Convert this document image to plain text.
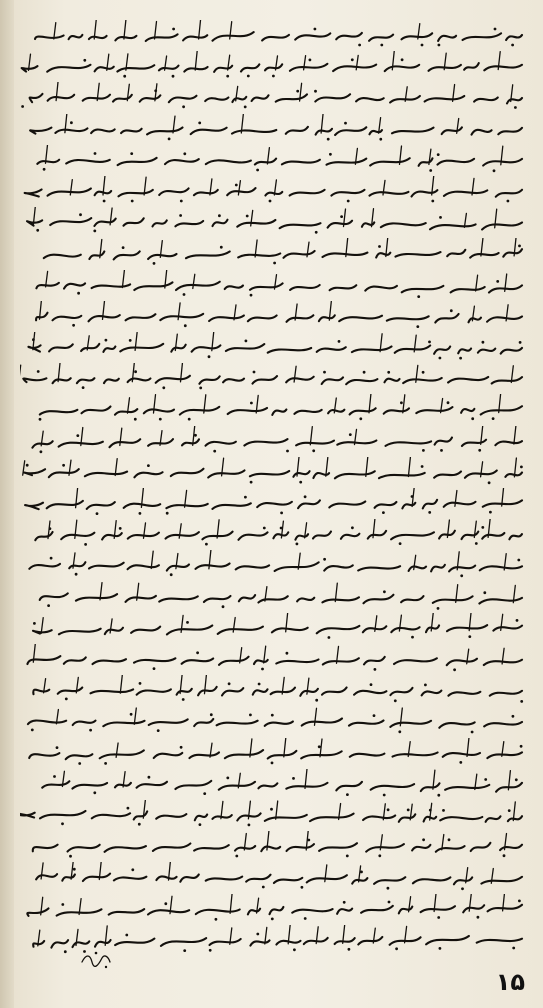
۱۵
